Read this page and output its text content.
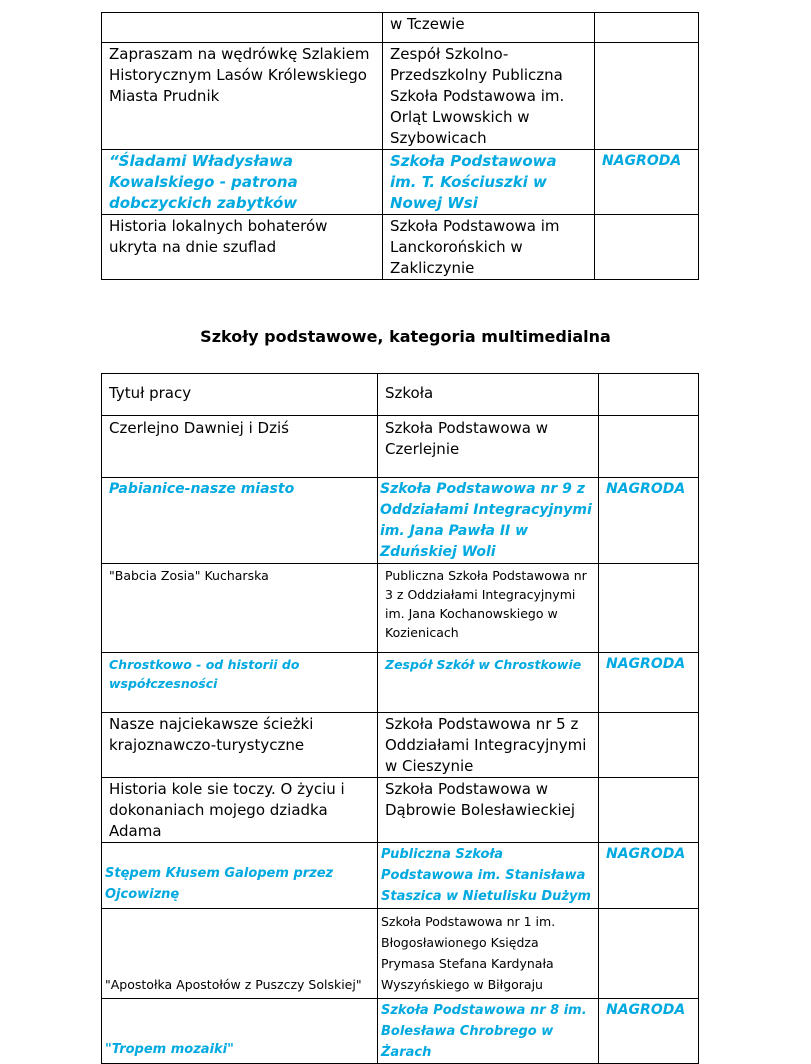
	w Tczewie	

Zapraszam na wędrówkę Szlakiem Historycznym Lasów Królewskiego Miasta Prudnik	Zespół Szkolno-Przedszkolny Publiczna Szkoła Podstawowa im. Orląt Lwowskich w Szybowicach	

“Śladami Władysława Kowalskiego - patrona dobczyckich zabytków	Szkoła Podstawowa im. T. Kościuszki w Nowej Wsi	NAGRODA

Historia lokalnych bohaterów ukryta na dnie szuflad	Szkoła Podstawowa im Lanckorońskich w Zakliczynie	

Szkoły podstawowe, kategoria multimedialna
Tytuł pracy	Szkoła	

Czerlejno Dawniej i Dziś	Szkoła Podstawowa w Czerlejnie	

Pabianice-nasze miasto	Szkoła Podstawowa nr 9 z Oddziałami Integracyjnymi im. Jana Pawła II w Zduńskiej Woli	NAGRODA

"Babcia Zosia" Kucharska	Publiczna Szkoła Podstawowa nr 3 z Oddziałami Integracyjnymi im. Jana Kochanowskiego w Kozienicach	

Chrostkowo - od historii do współczesności	Zespół Szkół w Chrostkowie	NAGRODA

Nasze najciekawsze ścieżki krajoznawczo-turystyczne	Szkoła Podstawowa nr 5 z Oddziałami Integracyjnymi w Cieszynie	

Historia kole sie toczy. O życiu i dokonaniach mojego dziadka Adama	Szkoła Podstawowa w Dąbrowie Bolesławieckiej	

Stępem Kłusem Galopem przez Ojcowiznę	Publiczna Szkoła Podstawowa im. Stanisława Staszica w Nietulisku Dużym	NAGRODA

"Apostołka Apostołów z Puszczy Solskiej"	Szkoła Podstawowa nr 1 im. Błogosławionego Księdza Prymasa Stefana Kardynała Wyszyńskiego w Biłgoraju	

"Tropem mozaiki"	Szkoła Podstawowa nr 8 im. Bolesława Chrobrego w Żarach	NAGRODA
